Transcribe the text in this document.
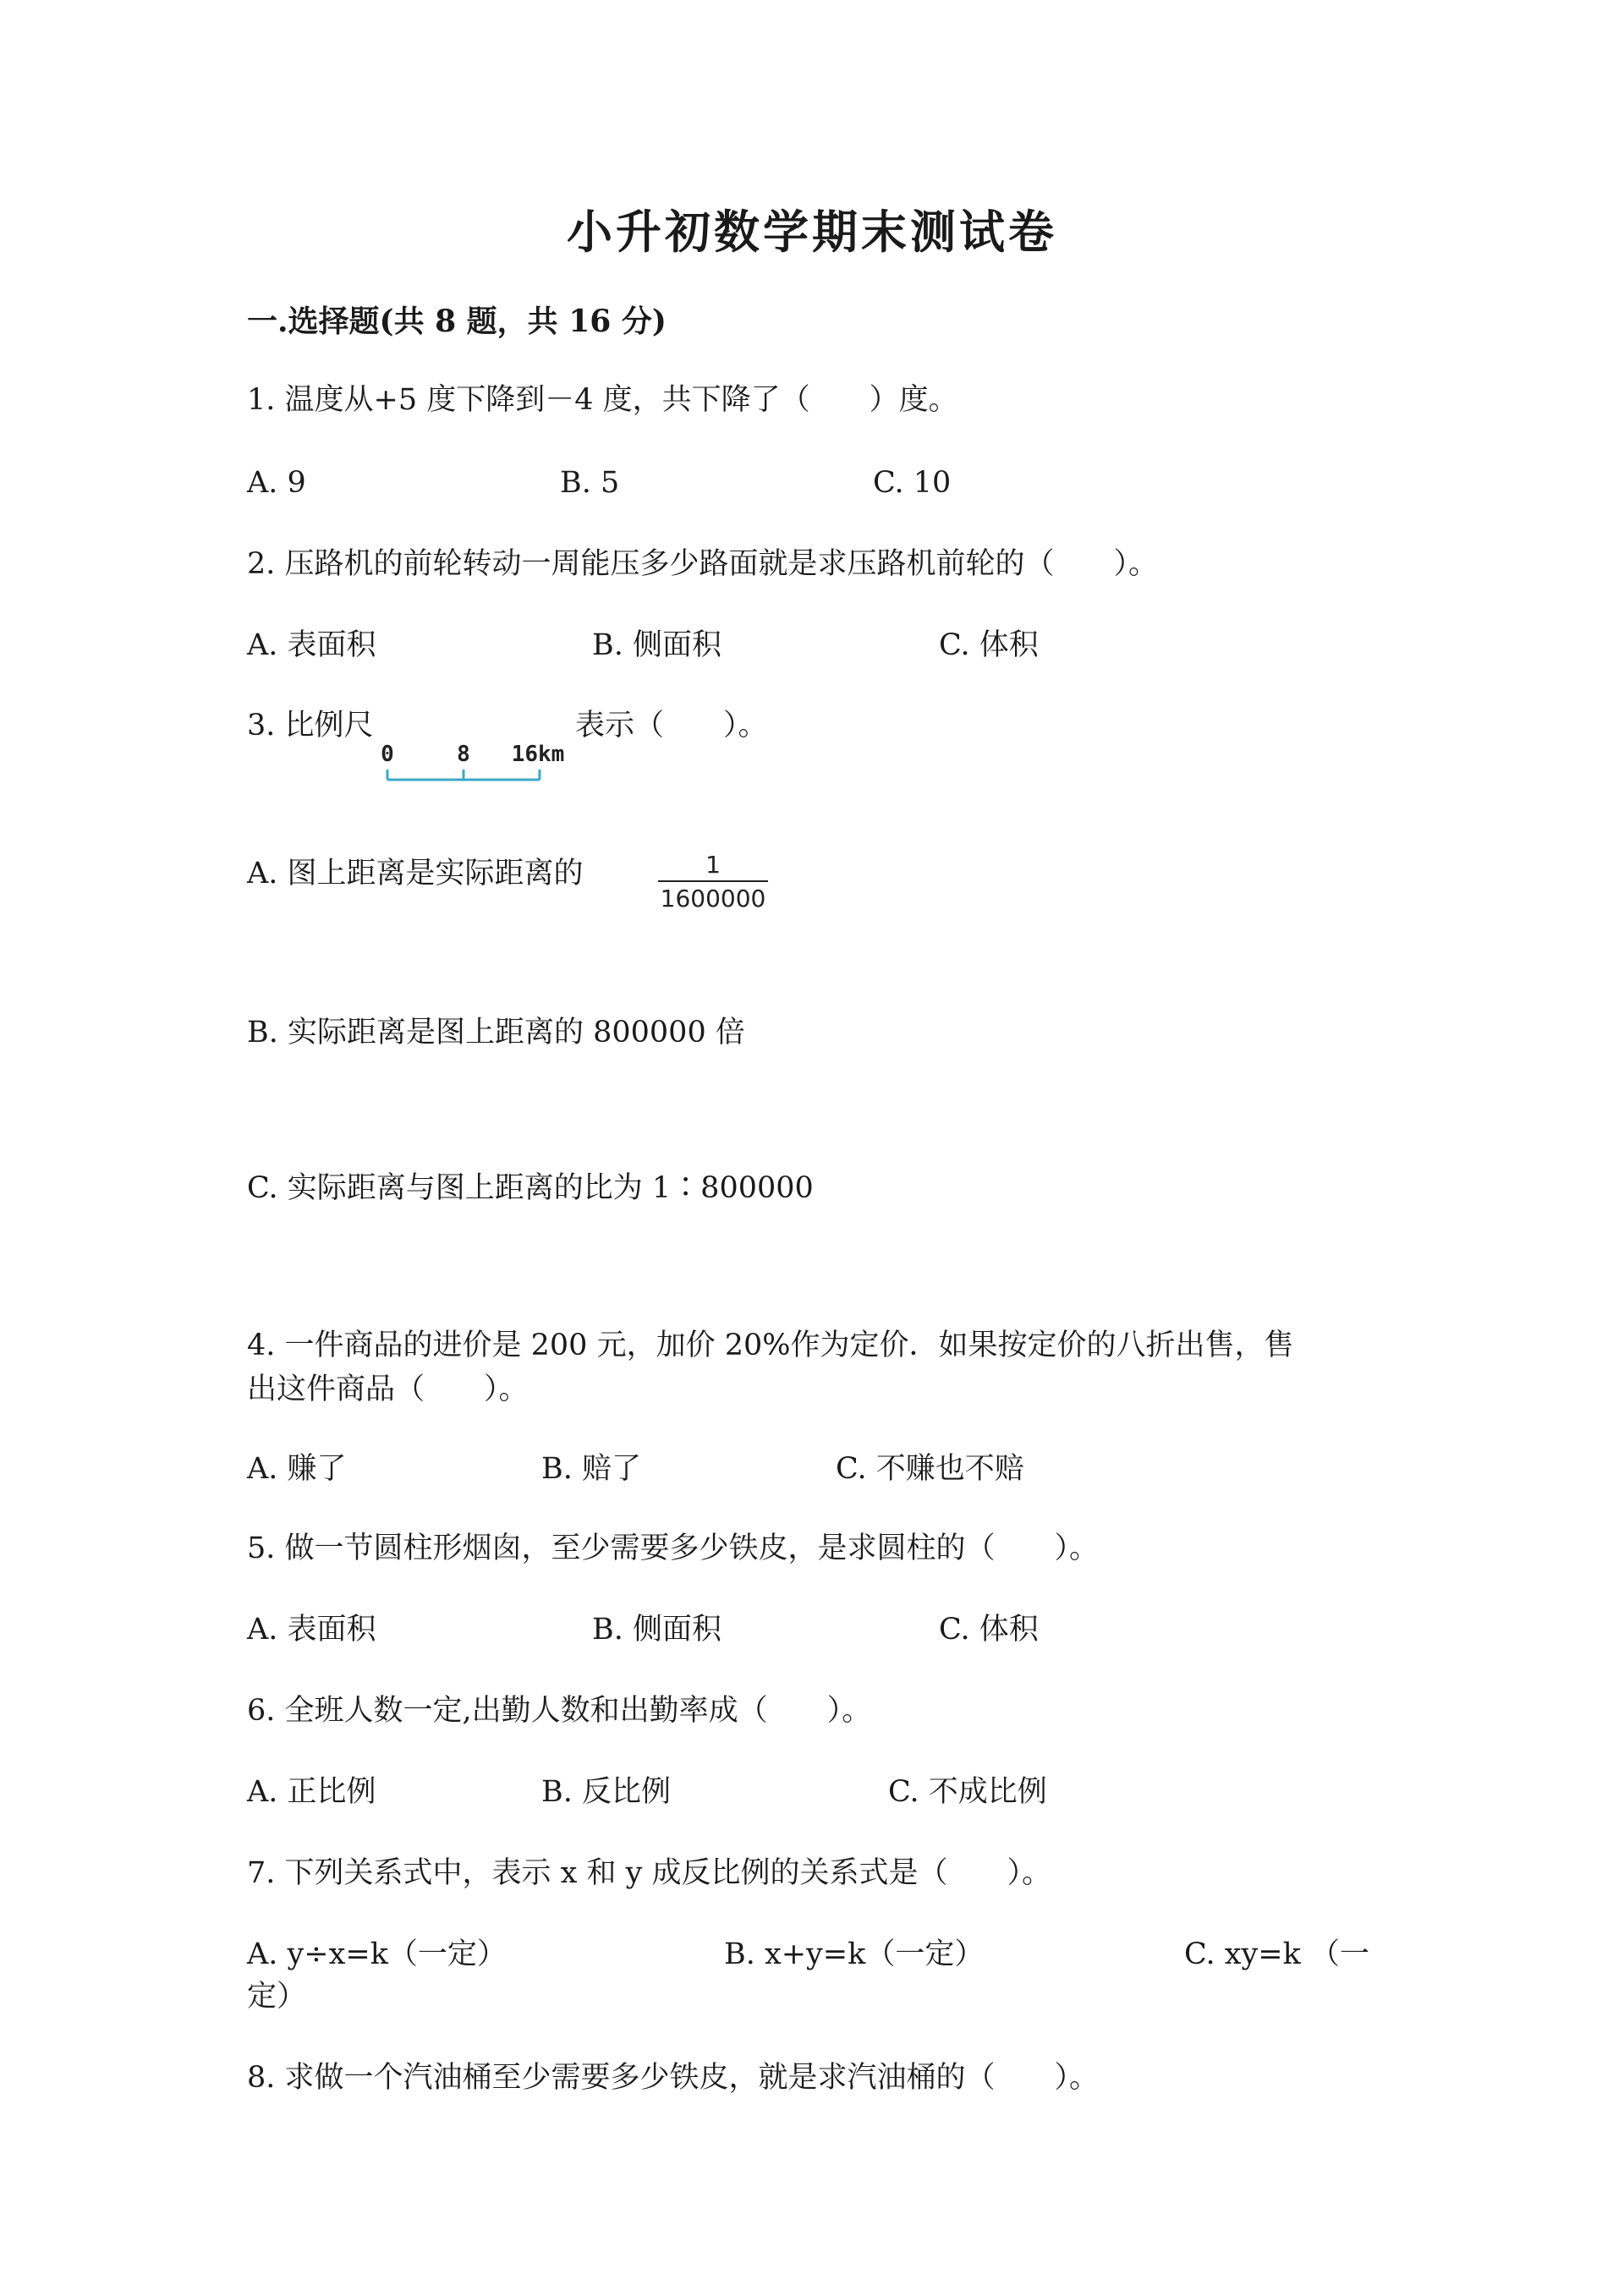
小升初数学期末测试卷
一.选择题(共 8 题，共 16 分)
1. 温度从+5 度下降到－4 度，共下降了（　　）度。
A. 9	B. 5	C. 10
2. 压路机的前轮转动一周能压多少路面就是求压路机前轮的（　　）。
A. 表面积	B. 侧面积	C. 体积
3. 比例尺
0	8 16km
表示（　　）。
A. 图上距离是实际距离的	1
1600000
B. 实际距离是图上距离的 800000 倍
C. 实际距离与图上距离的比为 1∶800000
4. 一件商品的进价是 200 元，加价 20%作为定价．如果按定价的八折出售，售
出这件商品（　　）。
A. 赚了	B. 赔了	C. 不赚也不赔
5. 做一节圆柱形烟囱，至少需要多少铁皮，是求圆柱的（　　）。
A. 表面积	B. 侧面积	C. 体积
6. 全班人数一定,出勤人数和出勤率成（　　）。
A. 正比例	B. 反比例	C. 不成比例
7. 下列关系式中，表示 x 和 y 成反比例的关系式是（　　）。
A. y÷x=k（一定）	B. x+y=k（一定）	C. xy=k （一
定）
8. 求做一个汽油桶至少需要多少铁皮，就是求汽油桶的（　　）。
